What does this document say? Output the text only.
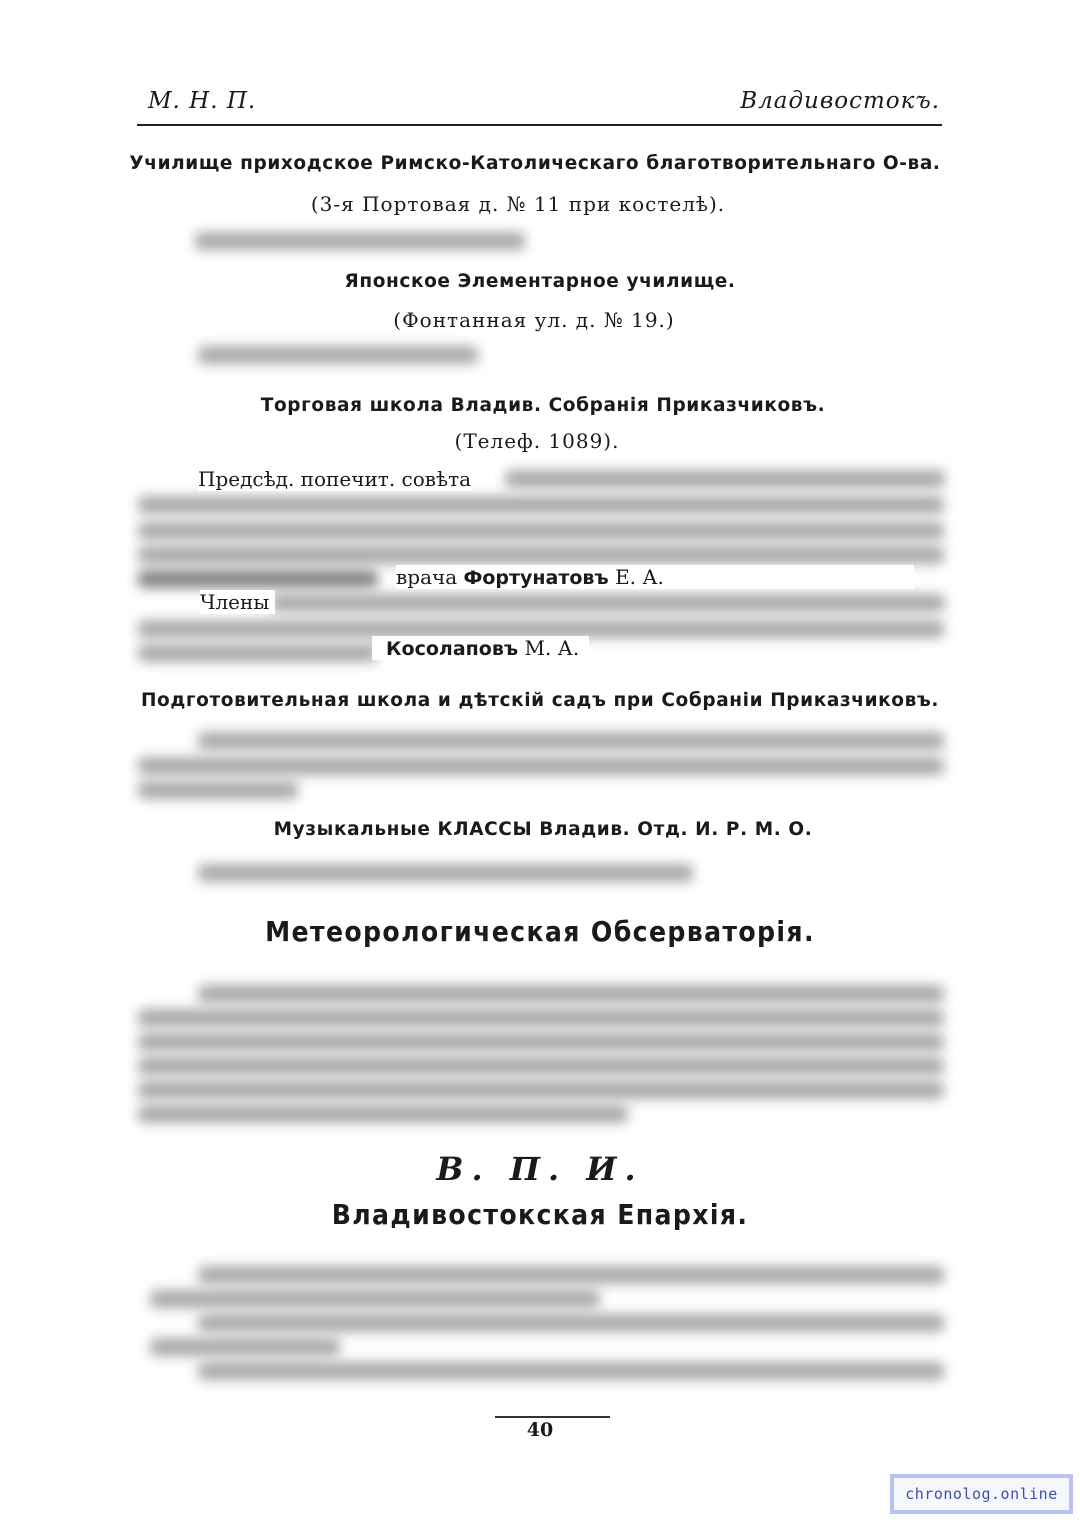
М. Н. П.	Владивостокъ.
Училище приходское Римско-Католическаго благотворительнаго О-ва.
(3-я Портовая д. № 11 при костелѣ).
Японское Элементарное училище.
(Фонтанная ул. д. № 19.)
Торговая школа Владив. Собранія Приказчиковъ.
(Телеф. 1089).
Предсѣд. попечит. совѣта
врача Фортунатовъ Е. А.
Члены
Косолаповъ М. А.
Подготовительная школа и дѣтскій садъ при Собраніи Приказчиковъ.
Музыкальные КЛАССЫ Владив. Отд. И. Р. М. О.
Метеорологическая Обсерваторія.
В. П. И.
Владивостокская Епархія.
40
chronolog.online
